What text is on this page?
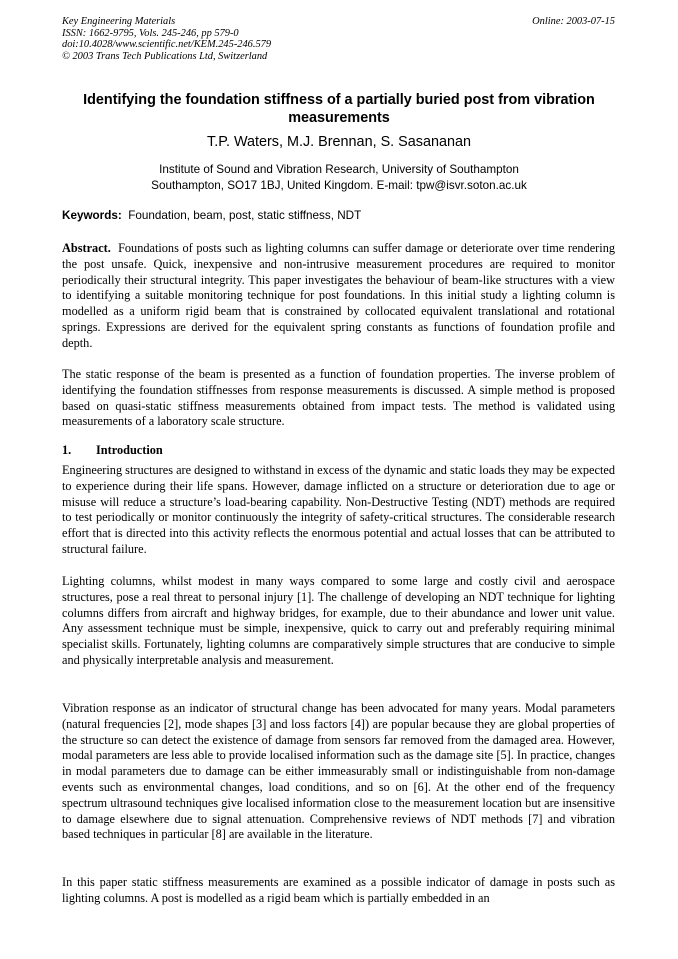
Key Engineering Materials
ISSN: 1662-9795, Vols. 245-246, pp 579-0
doi:10.4028/www.scientific.net/KEM.245-246.579
© 2003 Trans Tech Publications Ltd, Switzerland
Online: 2003-07-15
Identifying the foundation stiffness of a partially buried post from vibration measurements
T.P. Waters, M.J. Brennan, S. Sasananan
Institute of Sound and Vibration Research, University of Southampton
Southampton, SO17 1BJ, United Kingdom. E-mail: tpw@isvr.soton.ac.uk
Keywords: Foundation, beam, post, static stiffness, NDT
Abstract. Foundations of posts such as lighting columns can suffer damage or deteriorate over time rendering the post unsafe. Quick, inexpensive and non-intrusive measurement procedures are required to monitor periodically their structural integrity. This paper investigates the behaviour of beam-like structures with a view to identifying a suitable monitoring technique for post foundations. In this initial study a lighting column is modelled as a uniform rigid beam that is constrained by collocated equivalent translational and rotational springs. Expressions are derived for the equivalent spring constants as functions of foundation profile and depth.
The static response of the beam is presented as a function of foundation properties. The inverse problem of identifying the foundation stiffnesses from response measurements is discussed. A simple method is proposed based on quasi-static stiffness measurements obtained from impact tests. The method is validated using measurements of a laboratory scale structure.
1. Introduction
Engineering structures are designed to withstand in excess of the dynamic and static loads they may be expected to experience during their life spans. However, damage inflicted on a structure or deterioration due to age or misuse will reduce a structure’s load-bearing capability. Non-Destructive Testing (NDT) methods are required to test periodically or monitor continuously the integrity of safety-critical structures. The considerable research effort that is directed into this activity reflects the enormous potential and actual losses that can be attributed to structural failure.
Lighting columns, whilst modest in many ways compared to some large and costly civil and aerospace structures, pose a real threat to personal injury [1]. The challenge of developing an NDT technique for lighting columns differs from aircraft and highway bridges, for example, due to their abundance and lower unit value. Any assessment technique must be simple, inexpensive, quick to carry out and preferably requiring minimal specialist skills. Fortunately, lighting columns are comparatively simple structures that are conducive to simple and physically interpretable analysis and measurement.
Vibration response as an indicator of structural change has been advocated for many years. Modal parameters (natural frequencies [2], mode shapes [3] and loss factors [4]) are popular because they are global properties of the structure so can detect the existence of damage from sensors far removed from the damaged area. However, modal parameters are less able to provide localised information such as the damage site [5]. In practice, changes in modal parameters due to damage can be either immeasurably small or indistinguishable from non-damage events such as environmental changes, load conditions, and so on [6]. At the other end of the frequency spectrum ultrasound techniques give localised information close to the measurement location but are insensitive to damage elsewhere due to signal attenuation. Comprehensive reviews of NDT methods [7] and vibration based techniques in particular [8] are available in the literature.
In this paper static stiffness measurements are examined as a possible indicator of damage in posts such as lighting columns. A post is modelled as a rigid beam which is partially embedded in an
